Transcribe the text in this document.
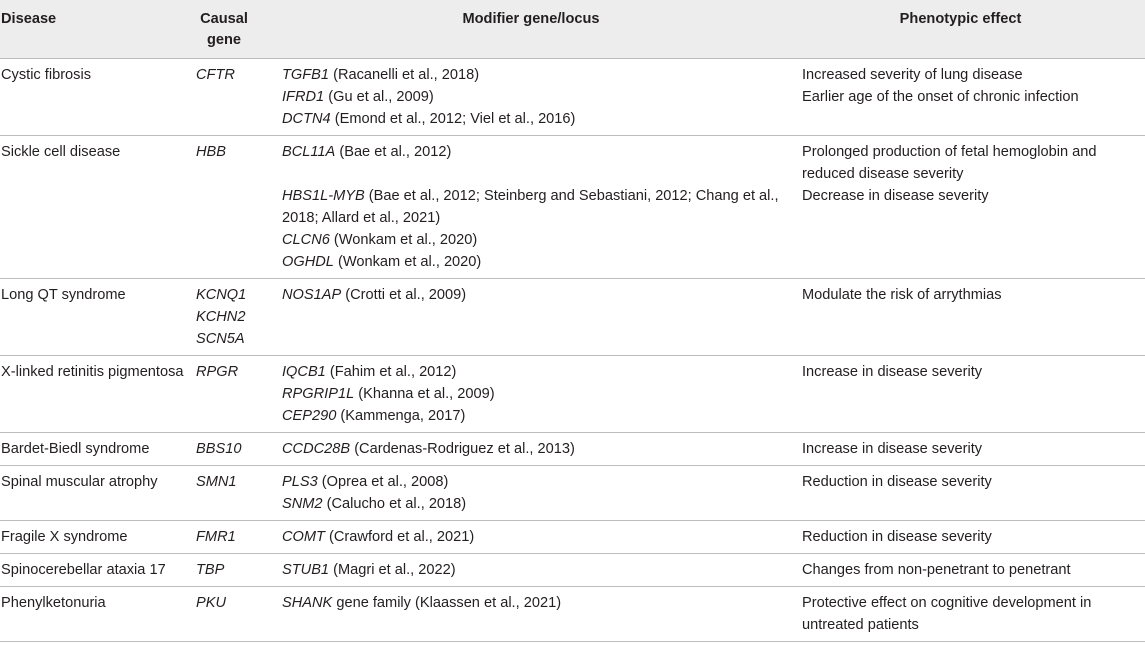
Disease	Causal gene	Modifier gene/locus	Phenotypic effect

Cystic fibrosis	CFTR	TGFB1 (Racanelli et al., 2018)
IFRD1 (Gu et al., 2009)
DCTN4 (Emond et al., 2012; Viel et al., 2016)	Increased severity of lung disease
Earlier age of the onset of chronic infection

Sickle cell disease	HBB	BCL11A (Bae et al., 2012)
HBS1L-MYB (Bae et al., 2012; Steinberg and Sebastiani, 2012; Chang et al., 2018; Allard et al., 2021)
CLCN6 (Wonkam et al., 2020)
OGHDL (Wonkam et al., 2020)	Prolonged production of fetal hemoglobin and reduced disease severity
Decrease in disease severity

Long QT syndrome	KCNQ1
KCHN2
SCN5A	NOS1AP (Crotti et al., 2009)	Modulate the risk of arrythmias

X-linked retinitis pigmentosa	RPGR	IQCB1 (Fahim et al., 2012)
RPGRIP1L (Khanna et al., 2009)
CEP290 (Kammenga, 2017)	Increase in disease severity

Bardet-Biedl syndrome	BBS10	CCDC28B (Cardenas-Rodriguez et al., 2013)	Increase in disease severity

Spinal muscular atrophy	SMN1	PLS3 (Oprea et al., 2008)
SNM2 (Calucho et al., 2018)	Reduction in disease severity

Fragile X syndrome	FMR1	COMT (Crawford et al., 2021)	Reduction in disease severity

Spinocerebellar ataxia 17	TBP	STUB1 (Magri et al., 2022)	Changes from non-penetrant to penetrant

Phenylketonuria	PKU	SHANK gene family (Klaassen et al., 2021)	Protective effect on cognitive development in untreated patients
